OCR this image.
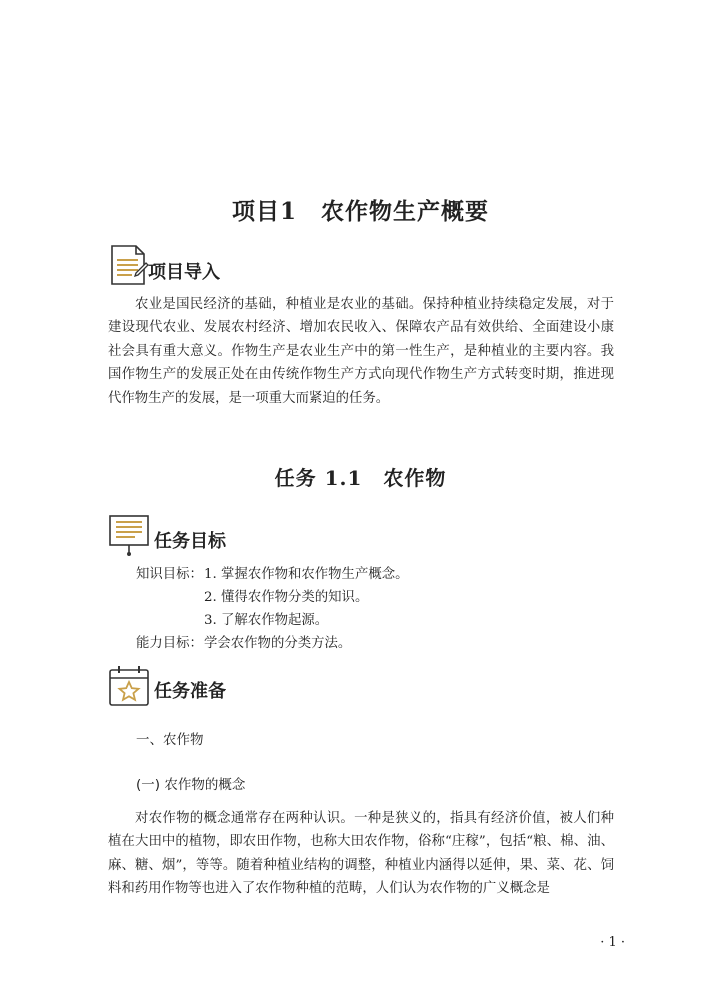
项目1　农作物生产概要
项目导入
农业是国民经济的基础，种植业是农业的基础。保持种植业持续稳定发展，对于建设现代农业、发展农村经济、增加农民收入、保障农产品有效供给、全面建设小康社会具有重大意义。作物生产是农业生产中的第一性生产，是种植业的主要内容。我国作物生产的发展正处在由传统作物生产方式向现代作物生产方式转变时期，推进现代作物生产的发展，是一项重大而紧迫的任务。
任务 1.1　农作物
任务目标
知识目标： 1. 掌握农作物和农作物生产概念。
2. 懂得农作物分类的知识。
3. 了解农作物起源。
能力目标： 学会农作物的分类方法。
任务准备
一、农作物
(一) 农作物的概念
对农作物的概念通常存在两种认识。一种是狭义的，指具有经济价值，被人们种植在大田中的植物，即农田作物，也称大田农作物，俗称“庄稼”，包括“粮、棉、油、麻、糖、烟”，等等。随着种植业结构的调整，种植业内涵得以延伸，果、菜、花、饲料和药用作物等也进入了农作物种植的范畴，人们认为农作物的广义概念是
· 1 ·
